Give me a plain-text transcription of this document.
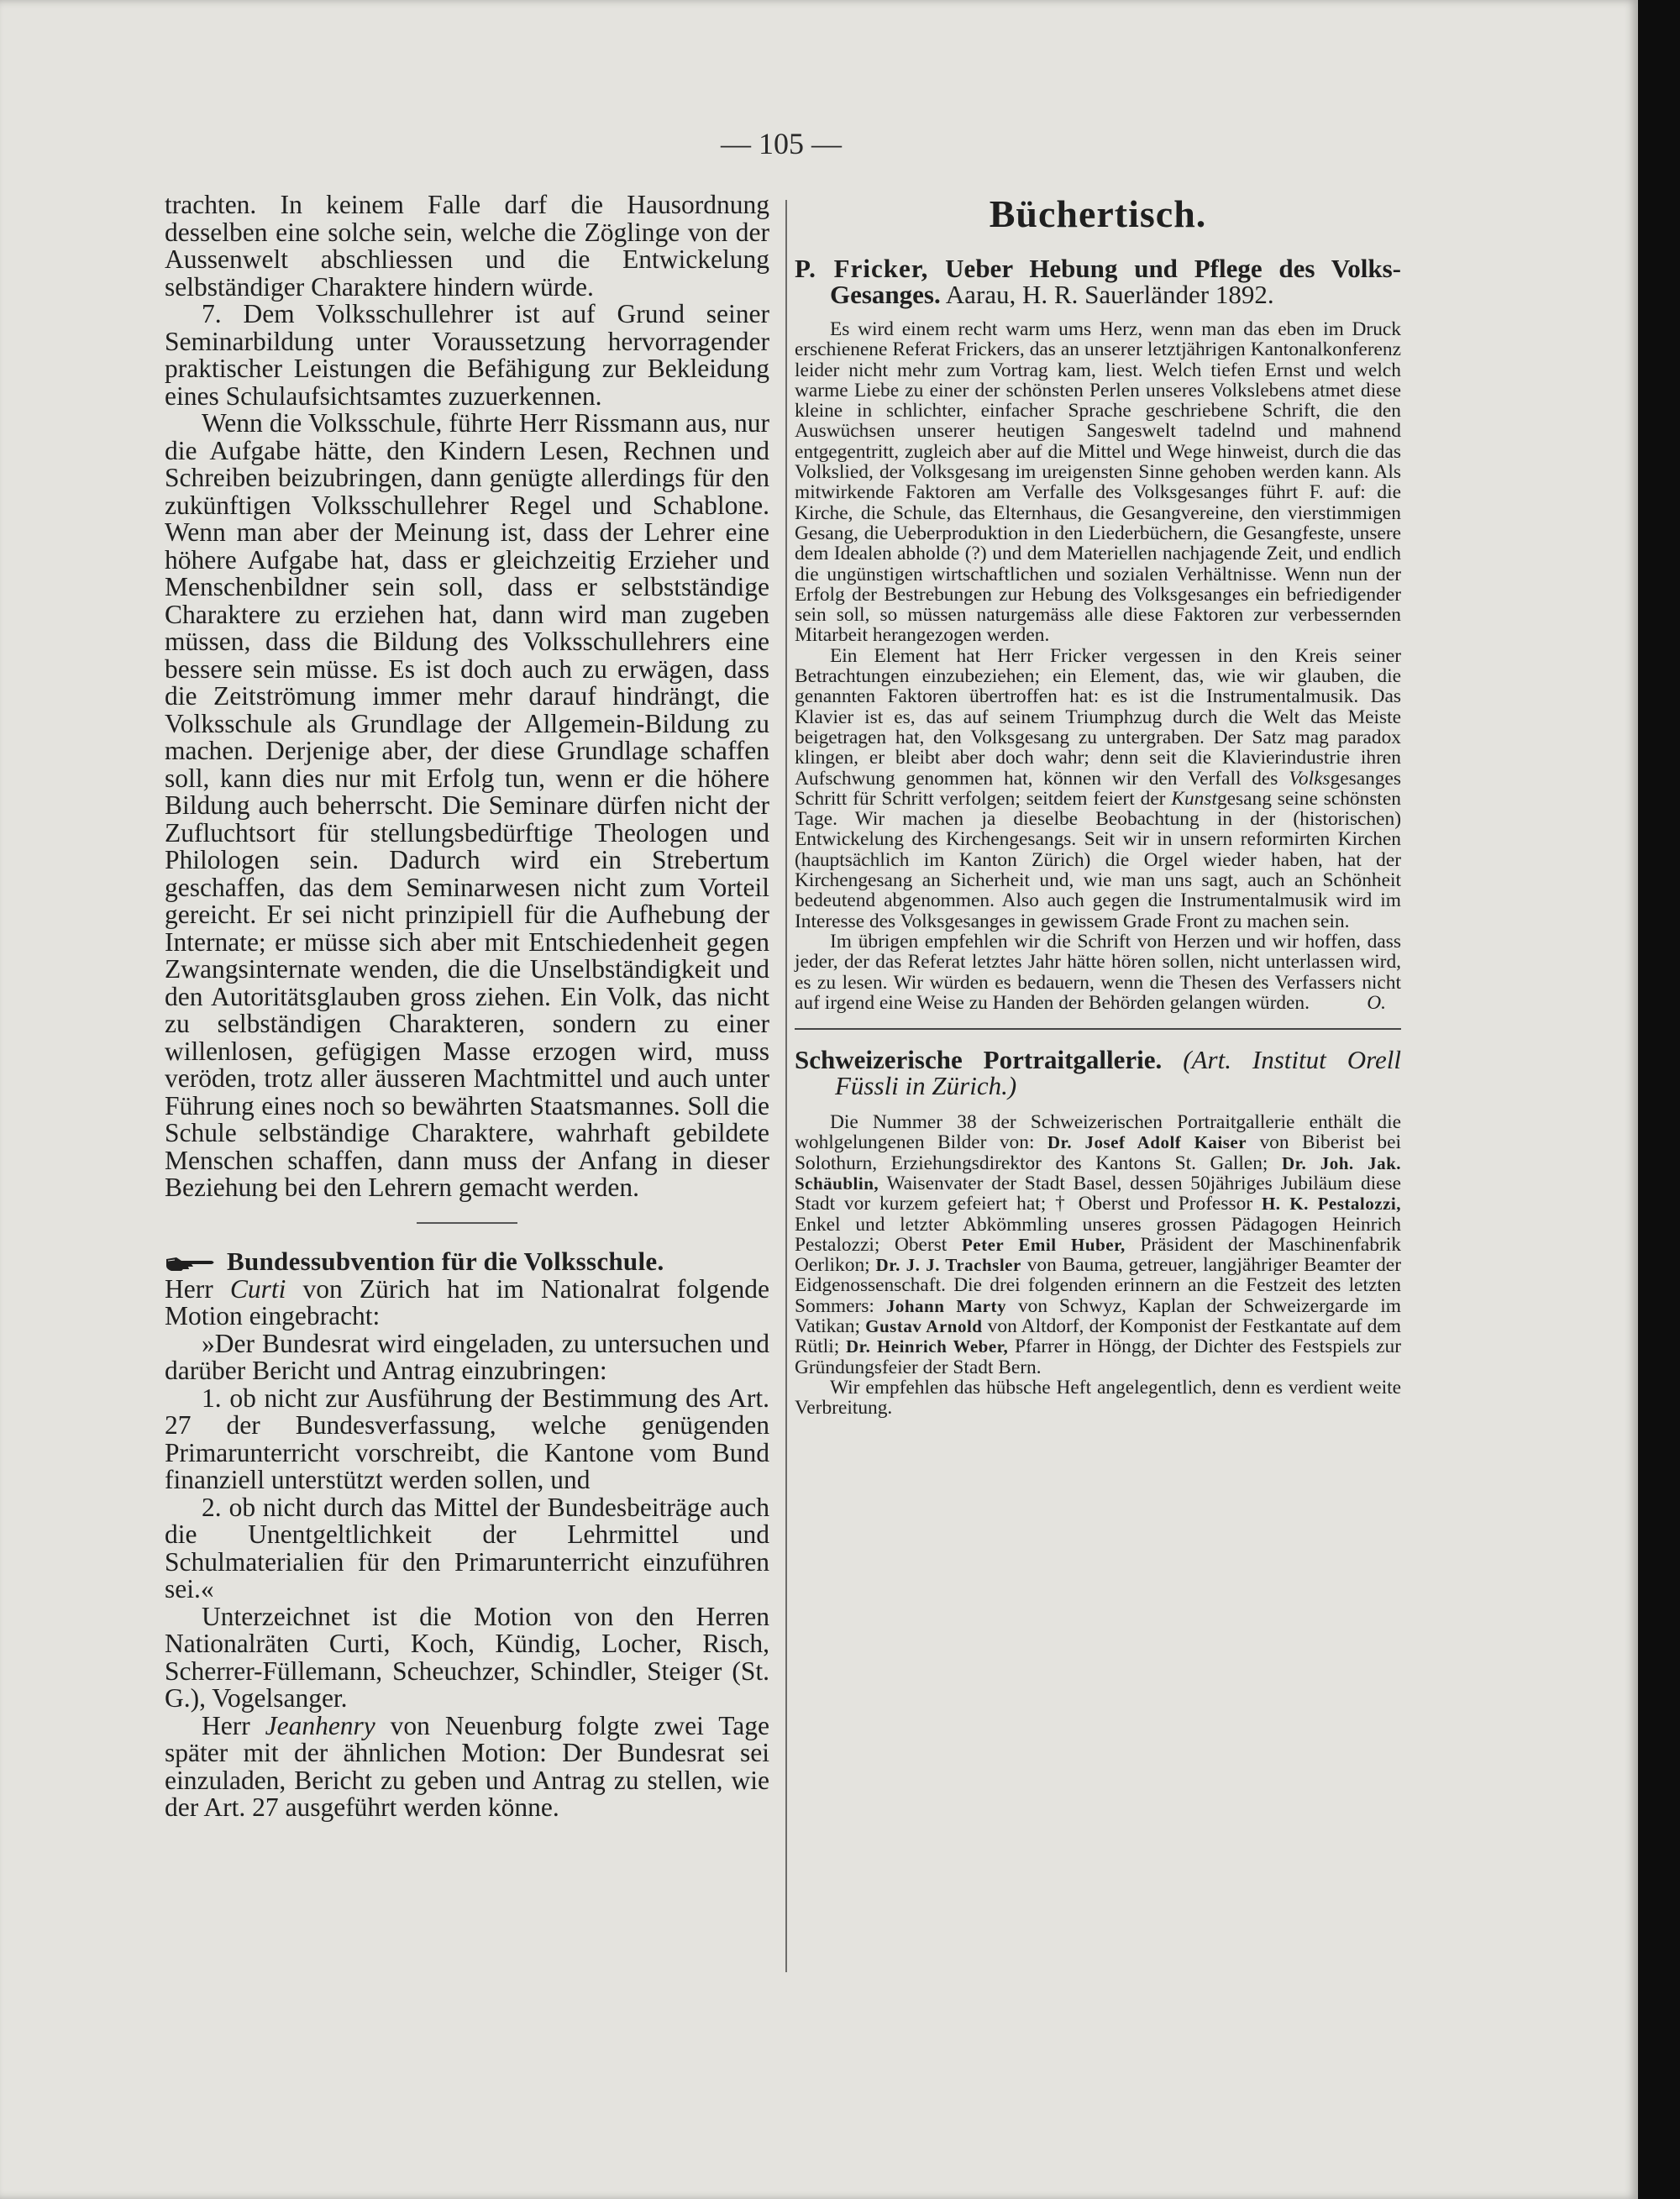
— 105 —

trachten. In keinem Falle darf die Hausordnung desselben eine solche sein, welche die Zöglinge von der Aussenwelt abschliessen und die Entwickelung selbständiger Charaktere hindern würde.

7. Dem Volksschullehrer ist auf Grund seiner Seminarbildung unter Voraussetzung hervorragender praktischer Leistungen die Befähigung zur Bekleidung eines Schulaufsichtsamtes zuzuerkennen.

Wenn die Volksschule, führte Herr Rissmann aus, nur die Aufgabe hätte, den Kindern Lesen, Rechnen und Schreiben beizubringen, dann genügte allerdings für den zukünftigen Volksschullehrer Regel und Schablone. Wenn man aber der Meinung ist, dass der Lehrer eine höhere Aufgabe hat, dass er gleichzeitig Erzieher und Menschenbildner sein soll, dass er selbstständige Charaktere zu erziehen hat, dann wird man zugeben müssen, dass die Bildung des Volksschullehrers eine bessere sein müsse. Es ist doch auch zu erwägen, dass die Zeitströmung immer mehr darauf hindrängt, die Volksschule als Grundlage der Allgemein-Bildung zu machen. Derjenige aber, der diese Grundlage schaffen soll, kann dies nur mit Erfolg tun, wenn er die höhere Bildung auch beherrscht. Die Seminare dürfen nicht der Zufluchtsort für stellungsbedürftige Theologen und Philologen sein. Dadurch wird ein Strebertum geschaffen, das dem Seminarwesen nicht zum Vorteil gereicht. Er sei nicht prinzipiell für die Aufhebung der Internate; er müsse sich aber mit Entschiedenheit gegen Zwangsinternate wenden, die die Unselbständigkeit und den Autoritätsglauben gross ziehen. Ein Volk, das nicht zu selbständigen Charakteren, sondern zu einer willenlosen, gefügigen Masse erzogen wird, muss veröden, trotz aller äusseren Machtmittel und auch unter Führung eines noch so bewährten Staatsmannes. Soll die Schule selbständige Charaktere, wahrhaft gebildete Menschen schaffen, dann muss der Anfang in dieser Beziehung bei den Lehrern gemacht werden.

Bundessubvention für die Volksschule.

Herr Curti von Zürich hat im Nationalrat folgende Motion eingebracht:

»Der Bundesrat wird eingeladen, zu untersuchen und darüber Bericht und Antrag einzubringen:

1. ob nicht zur Ausführung der Bestimmung des Art. 27 der Bundesverfassung, welche genügenden Primarunterricht vorschreibt, die Kantone vom Bund finanziell unterstützt werden sollen, und

2. ob nicht durch das Mittel der Bundesbeiträge auch die Unentgeltlichkeit der Lehrmittel und Schulmaterialien für den Primarunterricht einzuführen sei.«

Unterzeichnet ist die Motion von den Herren Nationalräten Curti, Koch, Kündig, Locher, Risch, Scherrer-Füllemann, Scheuchzer, Schindler, Steiger (St. G.), Vogelsanger.

Herr Jeanhenry von Neuenburg folgte zwei Tage später mit der ähnlichen Motion: Der Bundesrat sei einzuladen, Bericht zu geben und Antrag zu stellen, wie der Art. 27 ausgeführt werden könne.

Büchertisch.

P. Fricker, Ueber Hebung und Pflege des Volks-Gesanges. Aarau, H. R. Sauerländer 1892.

Es wird einem recht warm ums Herz, wenn man das eben im Druck erschienene Referat Frickers, das an unserer letztjährigen Kantonalkonferenz leider nicht mehr zum Vortrag kam, liest. Welch tiefen Ernst und welch warme Liebe zu einer der schönsten Perlen unseres Volkslebens atmet diese kleine in schlichter, einfacher Sprache geschriebene Schrift, die den Auswüchsen unserer heutigen Sangeswelt tadelnd und mahnend entgegentritt, zugleich aber auf die Mittel und Wege hinweist, durch die das Volkslied, der Volksgesang im ureigensten Sinne gehoben werden kann. Als mitwirkende Faktoren am Verfalle des Volksgesanges führt F. auf: die Kirche, die Schule, das Elternhaus, die Gesangvereine, den vierstimmigen Gesang, die Ueberproduktion in den Liederbüchern, die Gesangfeste, unsere dem Idealen abholde (?) und dem Materiellen nachjagende Zeit, und endlich die ungünstigen wirtschaftlichen und sozialen Verhältnisse. Wenn nun der Erfolg der Bestrebungen zur Hebung des Volksgesanges ein befriedigender sein soll, so müssen naturgemäss alle diese Faktoren zur verbessernden Mitarbeit herangezogen werden.

Ein Element hat Herr Fricker vergessen in den Kreis seiner Betrachtungen einzubeziehen; ein Element, das, wie wir glauben, die genannten Faktoren übertroffen hat: es ist die Instrumentalmusik. Das Klavier ist es, das auf seinem Triumphzug durch die Welt das Meiste beigetragen hat, den Volksgesang zu untergraben. Der Satz mag paradox klingen, er bleibt aber doch wahr; denn seit die Klavierindustrie ihren Aufschwung genommen hat, können wir den Verfall des Volksgesanges Schritt für Schritt verfolgen; seitdem feiert der Kunstgesang seine schönsten Tage. Wir machen ja dieselbe Beobachtung in der (historischen) Entwickelung des Kirchengesangs. Seit wir in unsern reformirten Kirchen (hauptsächlich im Kanton Zürich) die Orgel wieder haben, hat der Kirchengesang an Sicherheit und, wie man uns sagt, auch an Schönheit bedeutend abgenommen. Also auch gegen die Instrumentalmusik wird im Interesse des Volksgesanges in gewissem Grade Front zu machen sein.

Im übrigen empfehlen wir die Schrift von Herzen und wir hoffen, dass jeder, der das Referat letztes Jahr hätte hören sollen, nicht unterlassen wird, es zu lesen. Wir würden es bedauern, wenn die Thesen des Verfassers nicht auf irgend eine Weise zu Handen der Behörden gelangen würden.	O.

Schweizerische Portraitgallerie. (Art. Institut Orell Füssli in Zürich.)

Die Nummer 38 der Schweizerischen Portraitgallerie enthält die wohlgelungenen Bilder von: Dr. Josef Adolf Kaiser von Biberist bei Solothurn, Erziehungsdirektor des Kantons St. Gallen; Dr. Joh. Jak. Schäublin, Waisenvater der Stadt Basel, dessen 50jähriges Jubiläum diese Stadt vor kurzem gefeiert hat; † Oberst und Professor H. K. Pestalozzi, Enkel und letzter Abkömmling unseres grossen Pädagogen Heinrich Pestalozzi; Oberst Peter Emil Huber, Präsident der Maschinenfabrik Oerlikon; Dr. J. J. Trachsler von Bauma, getreuer, langjähriger Beamter der Eidgenossenschaft. Die drei folgenden erinnern an die Festzeit des letzten Sommers: Johann Marty von Schwyz, Kaplan der Schweizergarde im Vatikan; Gustav Arnold von Altdorf, der Komponist der Festkantate auf dem Rütli; Dr. Heinrich Weber, Pfarrer in Höngg, der Dichter des Festspiels zur Gründungsfeier der Stadt Bern.

Wir empfehlen das hübsche Heft angelegentlich, denn es verdient weite Verbreitung.
